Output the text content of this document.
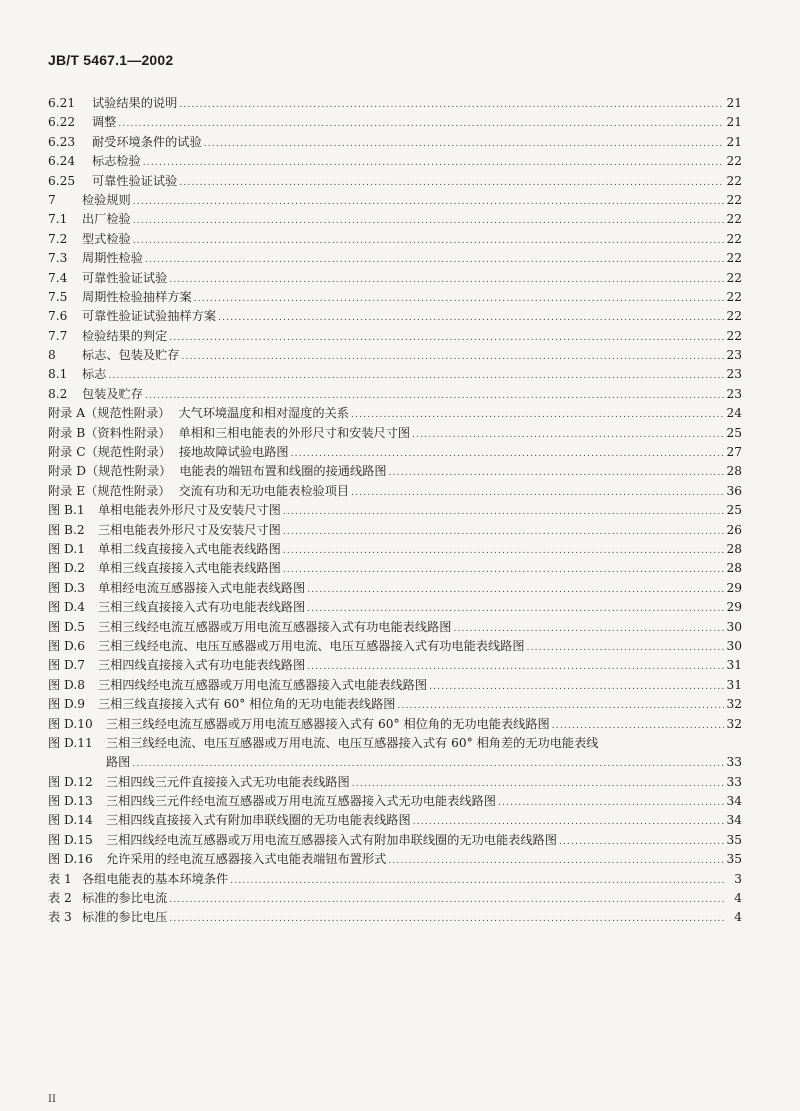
JB/T 5467.1—2002
6.21	试验结果的说明 .....	21
6.22	调整 .....	21
6.23	耐受环境条件的试验 .....	21
6.24	标志检验 .....	22
6.25	可靠性验证试验 .....	22
7	检验规则 .....	22
7.1	出厂检验 .....	22
7.2	型式检验 .....	22
7.3	周期性检验 .....	22
7.4	可靠性验证试验 .....	22
7.5	周期性检验抽样方案 .....	22
7.6	可靠性验证试验抽样方案 .....	22
7.7	检验结果的判定 .....	22
8	标志、包装及贮存 .....	23
8.1	标志 .....	23
8.2	包装及贮存 .....	23
附录 A（规范性附录） 大气环境温度和相对湿度的关系 .....	24
附录 B（资料性附录） 单相和三相电能表的外形尺寸和安装尺寸图 .....	25
附录 C（规范性附录） 接地故障试验电路图 .....	27
附录 D（规范性附录） 电能表的端钮布置和线圈的接通线路图 .....	28
附录 E（规范性附录） 交流有功和无功电能表检验项目 .....	36
图 B.1	单相电能表外形尺寸及安装尺寸图 .....	25
图 B.2	三相电能表外形尺寸及安装尺寸图 .....	26
图 D.1	单相二线直接接入式电能表线路图 .....	28
图 D.2	单相三线直接接入式电能表线路图 .....	28
图 D.3	单相经电流互感器接入式电能表线路图 .....	29
图 D.4	三相三线直接接入式有功电能表线路图 .....	29
图 D.5	三相三线经电流互感器或万用电流互感器接入式有功电能表线路图 .....	30
图 D.6	三相三线经电流、电压互感器或万用电流、电压互感器接入式有功电能表线路图 .....	30
图 D.7	三相四线直接接入式有功电能表线路图 .....	31
图 D.8	三相四线经电流互感器或万用电流互感器接入式电能表线路图 .....	31
图 D.9	三相三线直接接入式有 60° 相位角的无功电能表线路图 .....	32
图 D.10	三相三线经电流互感器或万用电流互感器接入式有 60° 相位角的无功电能表线路图 .....	32
图 D.11	三相三线经电流、电压互感器或万用电流、电压互感器接入式有 60° 相角差的无功电能表线
路图 .....	33
图 D.12	三相四线三元件直接接入式无功电能表线路图 .....	33
图 D.13	三相四线三元件经电流互感器或万用电流互感器接入式无功电能表线路图 .....	34
图 D.14	三相四线直接接入式有附加串联线圈的无功电能表线路图 .....	34
图 D.15	三相四线经电流互感器或万用电流互感器接入式有附加串联线圈的无功电能表线路图 .....	35
图 D.16	允许采用的经电流互感器接入式电能表端钮布置形式 .....	35
表 1 各组电能表的基本环境条件 .....	3
表 2 标准的参比电流 .....	4
表 3 标准的参比电压 .....	4
II
